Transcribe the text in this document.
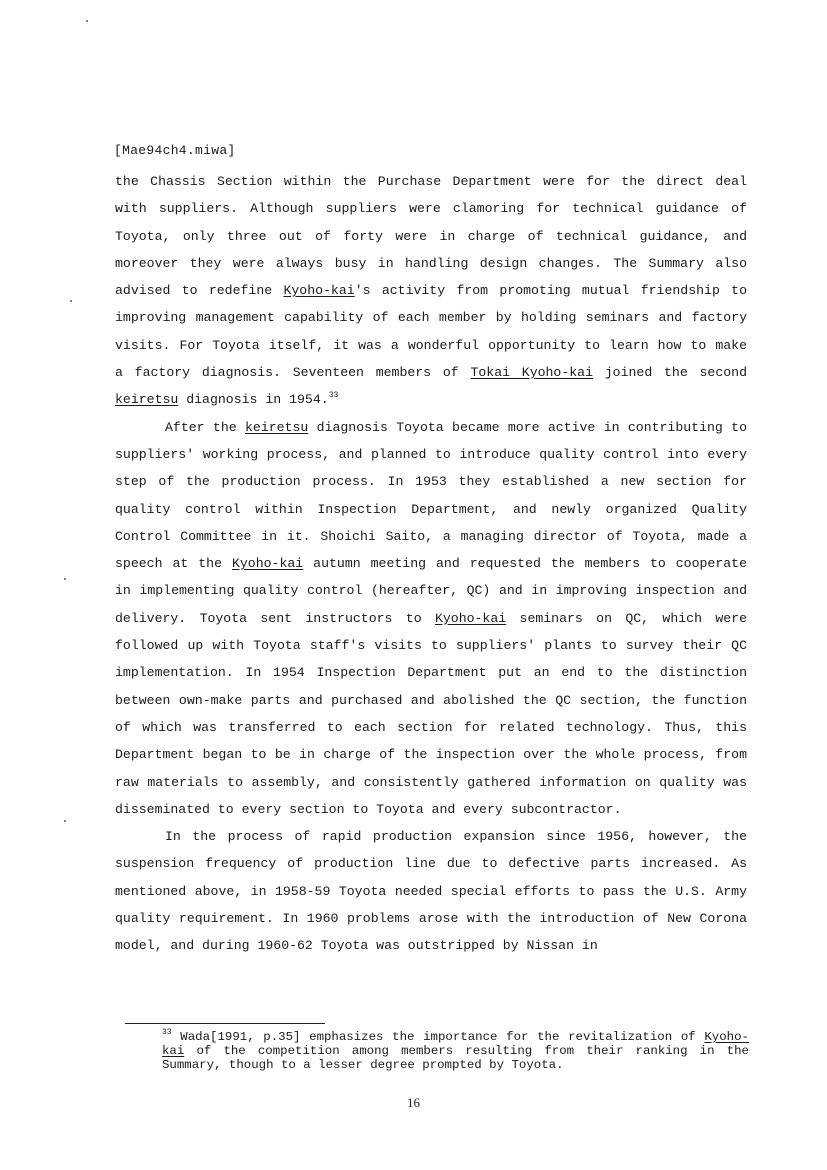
[Mae94ch4.miwa]

the Chassis Section within the Purchase Department were for the direct deal with suppliers. Although suppliers were clamoring for technical guidance of Toyota, only three out of forty were in charge of technical guidance, and moreover they were always busy in handling design changes. The Summary also advised to redefine Kyoho-kai's activity from promoting mutual friendship to improving management capability of each member by holding seminars and factory visits. For Toyota itself, it was a wonderful opportunity to learn how to make a factory diagnosis. Seventeen members of Tokai Kyoho-kai joined the second keiretsu diagnosis in 1954.33

After the keiretsu diagnosis Toyota became more active in contributing to suppliers' working process, and planned to introduce quality control into every step of the production process. In 1953 they established a new section for quality control within Inspection Department, and newly organized Quality Control Committee in it. Shoichi Saito, a managing director of Toyota, made a speech at the Kyoho-kai autumn meeting and requested the members to cooperate in implementing quality control (hereafter, QC) and in improving inspection and delivery. Toyota sent instructors to Kyoho-kai seminars on QC, which were followed up with Toyota staff's visits to suppliers' plants to survey their QC implementation. In 1954 Inspection Department put an end to the distinction between own-make parts and purchased and abolished the QC section, the function of which was transferred to each section for related technology. Thus, this Department began to be in charge of the inspection over the whole process, from raw materials to assembly, and consistently gathered information on quality was disseminated to every section to Toyota and every subcontractor.

In the process of rapid production expansion since 1956, however, the suspension frequency of production line due to defective parts increased. As mentioned above, in 1958-59 Toyota needed special efforts to pass the U.S. Army quality requirement. In 1960 problems arose with the introduction of New Corona model, and during 1960-62 Toyota was outstripped by Nissan in

$^{33}$ Wada[1991, p.35] emphasizes the importance for the revitalization of Kyoho-kai of the competition among members resulting from their ranking in the Summary, though to a lesser degree prompted by Toyota.
16
